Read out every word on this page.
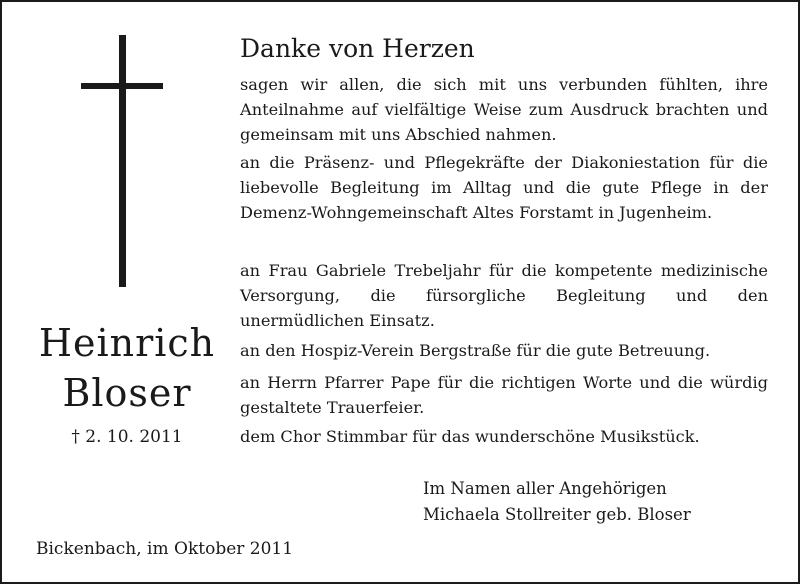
Heinrich
Bloser
† 2. 10. 2011
Bickenbach, im Oktober 2011
Danke von Herzen
sagen wir allen, die sich mit uns verbunden fühlten, ihre Anteilnahme auf vielfältige Weise zum Ausdruck brachten und gemeinsam mit uns Abschied nahmen.
an die Präsenz- und Pflegekräfte der Diakoniestation für die liebevolle Begleitung im Alltag und die gute Pflege in der Demenz-Wohngemeinschaft Altes Forstamt in Jugenheim.
an Frau Gabriele Trebeljahr für die kompetente medizinische Versorgung, die fürsorgliche Begleitung und den unermüdlichen Einsatz.
an den Hospiz-Verein Bergstraße für die gute Betreuung.
an Herrn Pfarrer Pape für die richtigen Worte und die würdig gestaltete Trauerfeier.
dem Chor Stimmbar für das wunderschöne Musikstück.
Im Namen aller Angehörigen
Michaela Stollreiter geb. Bloser
